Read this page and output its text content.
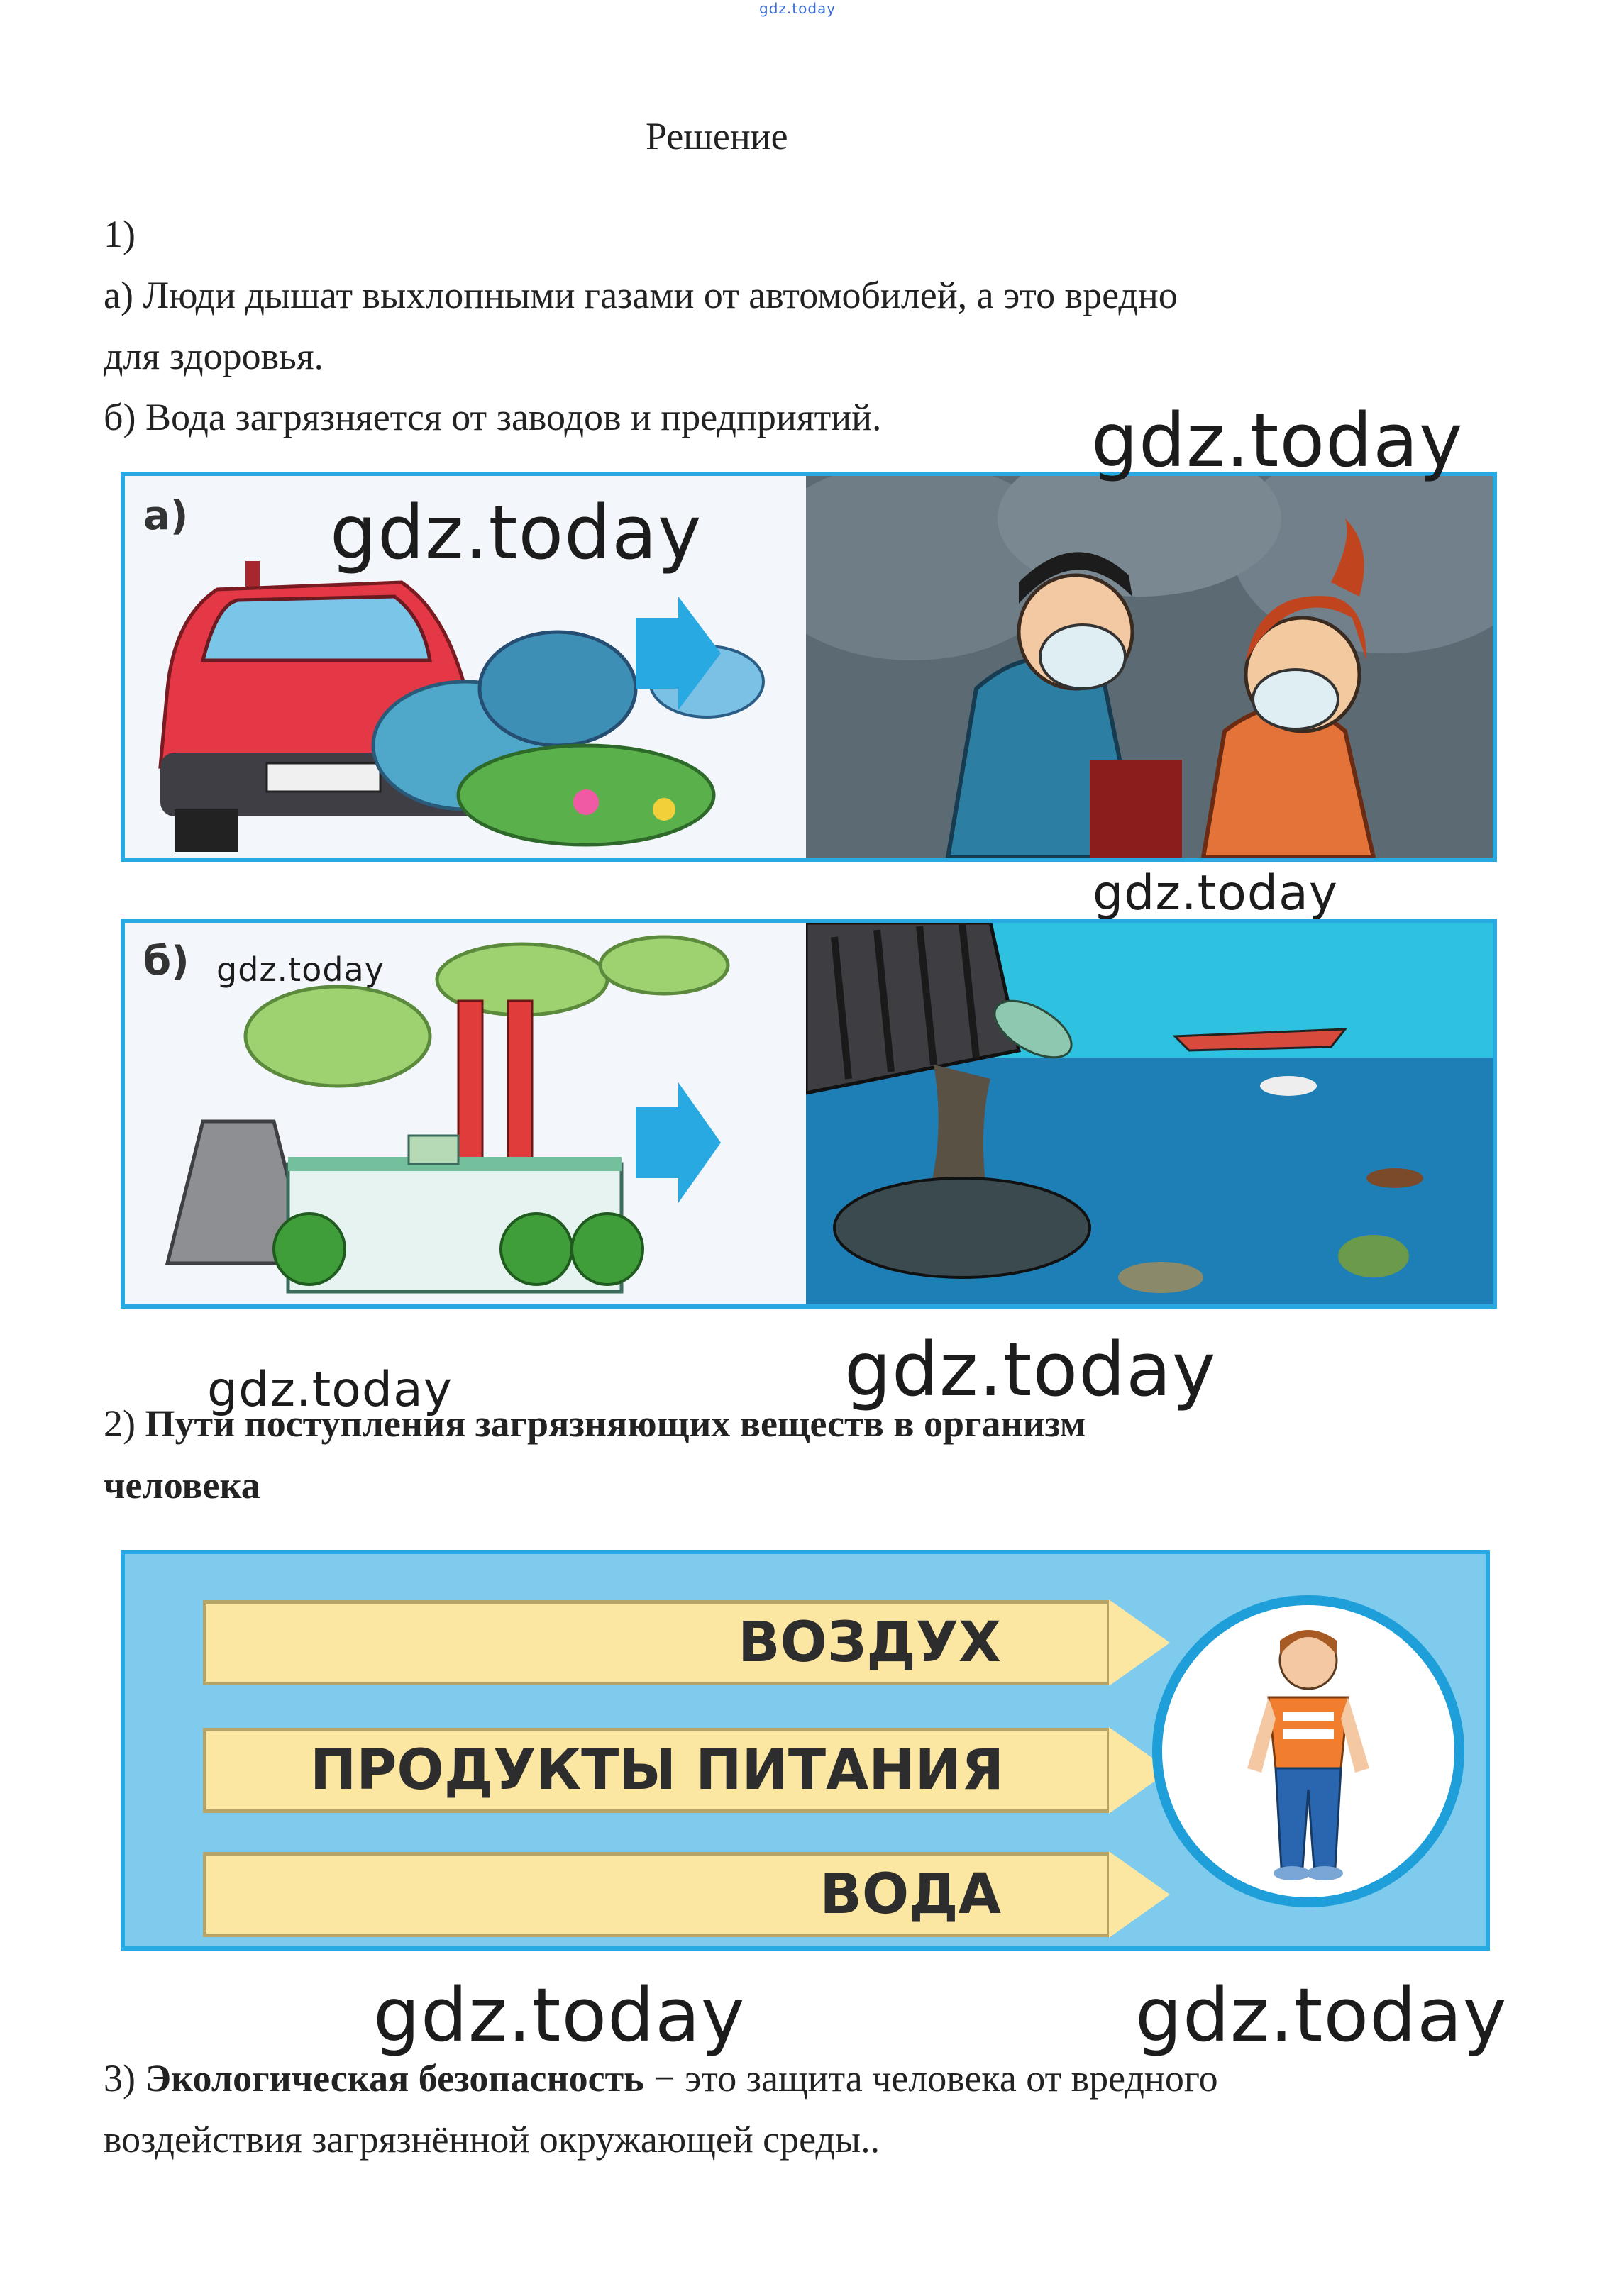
gdz.today
Решение
1)
а) Люди дышат выхлопными газами от автомобилей, а это вредно
для здоровья.
б) Вода загрязняется от заводов и предприятий.
а)
б)
2) Пути поступления загрязняющих веществ в организм
человека
ВОЗДУХ
ПРОДУКТЫ ПИТАНИЯ
ВОДА
3) Экологическая безопасность − это защита человека от вредного
воздействия загрязнённой окружающей среды..
gdz.today
gdz.today
gdz.today
gdz.today
gdz.today
gdz.today
gdz.today	gdz.today
